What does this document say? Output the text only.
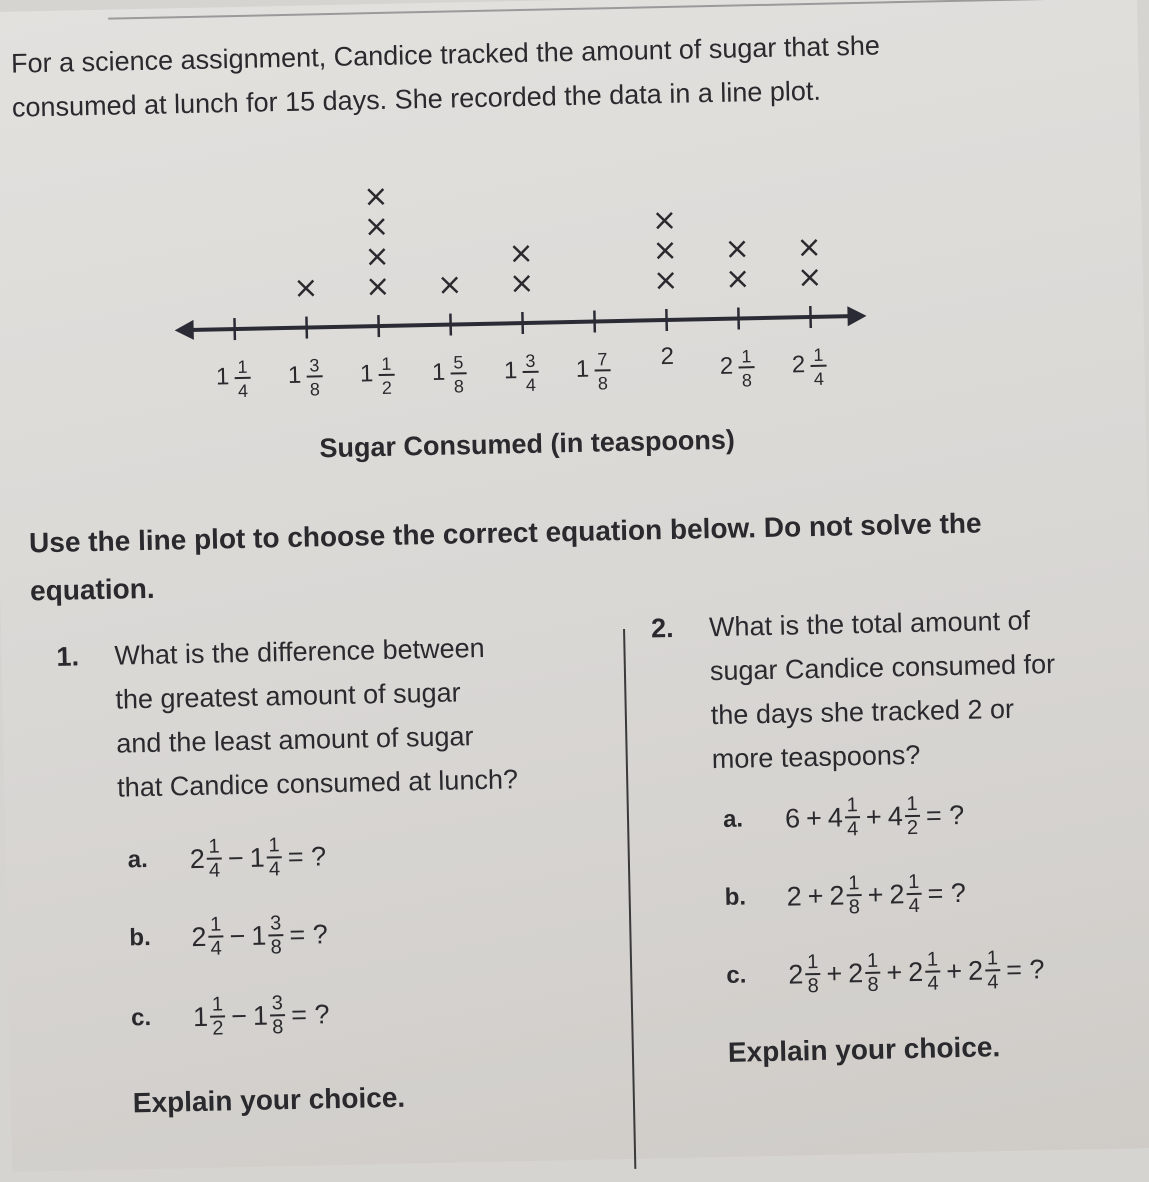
For a science assignment, Candice tracked the amount of sugar that she consumed at lunch for 15 days. She recorded the data in a line plot.
1 1
4
1 3
8
×
1 1
2
×
×
×
×
1 5
8
×
1 3
4
×
×
1 7
8
2
×
×
×
2 1
8
×
×
2 1
4
×
×
Sugar Consumed (in teaspoons)
Use the line plot to choose the correct equation below. Do not solve the equation.
1. What is the difference between
the greatest amount of sugar
and the least amount of sugar
that Candice consumed at lunch?
2. What is the total amount of
sugar Candice consumed for
the days she tracked 2 or
more teaspoons?
a.	$2 \frac{1}{4} - 1 \frac{1}{4}$ = ?
b.	$2 \frac{1}{4} - 1 \frac{3}{8}$ = ?
c.	$1 \frac{1}{2} - 1 \frac{3}{8}$ = ?
a.	$6 + 4 \frac{1}{4} + 4 \frac{1}{2}$ = ?
b.	$2 + 2 \frac{1}{8} + 2 \frac{1}{4}$ = ?
c.	$2 \frac{1}{8} + 2 \frac{1}{8} + 2 \frac{1}{4} + 2 \frac{1}{4}$ = ?
Explain your choice.
Explain your choice.
